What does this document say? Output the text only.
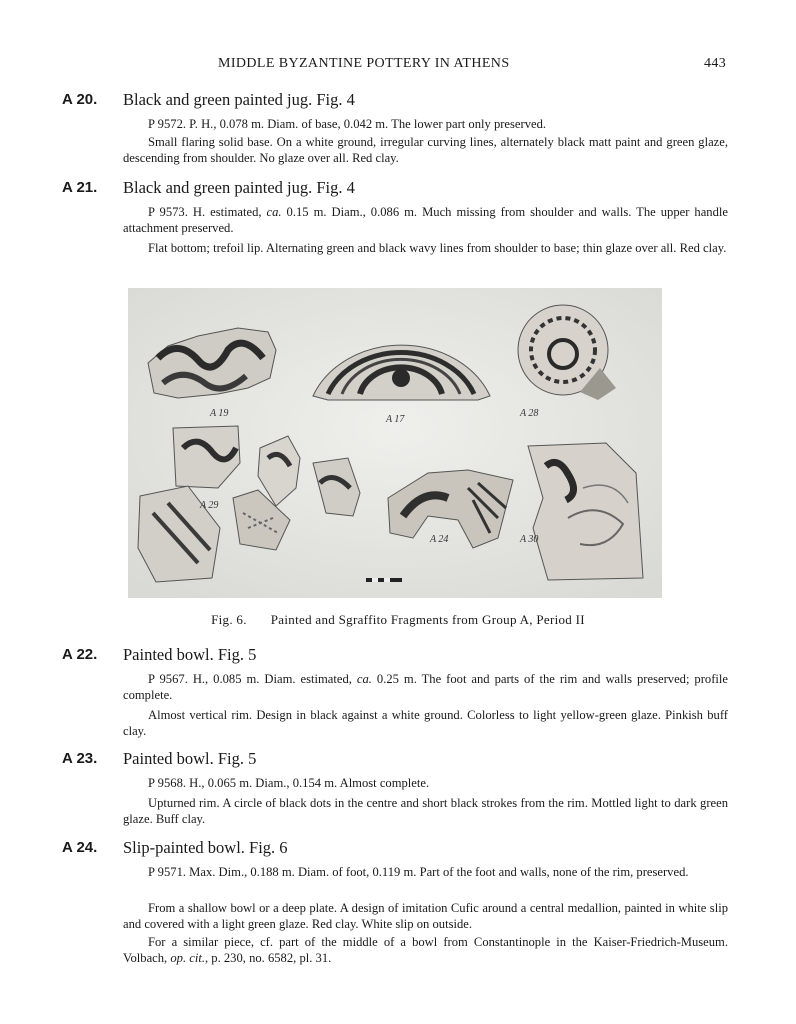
MIDDLE BYZANTINE POTTERY IN ATHENS	443
A 20. Black and green painted jug. Fig. 4

P 9572. P. H., 0.078 m. Diam. of base, 0.042 m. The lower part only preserved.

Small flaring solid base. On a white ground, irregular curving lines, alternately black matt paint and green glaze, descending from shoulder. No glaze over all. Red clay.

A 21. Black and green painted jug. Fig. 4

P 9573. H. estimated, ca. 0.15 m. Diam., 0.086 m. Much missing from shoulder and walls. The upper handle attachment preserved.

Flat bottom; trefoil lip. Alternating green and black wavy lines from shoulder to base; thin glaze over all. Red clay.

A 19
A 17
A 28
A 29
A 24	A 30
Fig. 6. Painted and Sgraffito Fragments from Group A, Period II
A 22. Painted bowl. Fig. 5

P 9567. H., 0.085 m. Diam. estimated, ca. 0.25 m. The foot and parts of the rim and walls preserved; profile complete.

Almost vertical rim. Design in black against a white ground. Colorless to light yellow-green glaze. Pinkish buff clay.

A 23. Painted bowl. Fig. 5

P 9568. H., 0.065 m. Diam., 0.154 m. Almost complete.

Upturned rim. A circle of black dots in the centre and short black strokes from the rim. Mottled light to dark green glaze. Buff clay.

A 24. Slip-painted bowl. Fig. 6

P 9571. Max. Dim., 0.188 m. Diam. of foot, 0.119 m. Part of the foot and walls, none of the rim, preserved.

From a shallow bowl or a deep plate. A design of imitation Cufic around a central medallion, painted in white slip and covered with a light green glaze. Red clay. White slip on outside.

For a similar piece, cf. part of the middle of a bowl from Constantinople in the Kaiser-Friedrich-Museum. Volbach, op. cit., p. 230, no. 6582, pl. 31.
